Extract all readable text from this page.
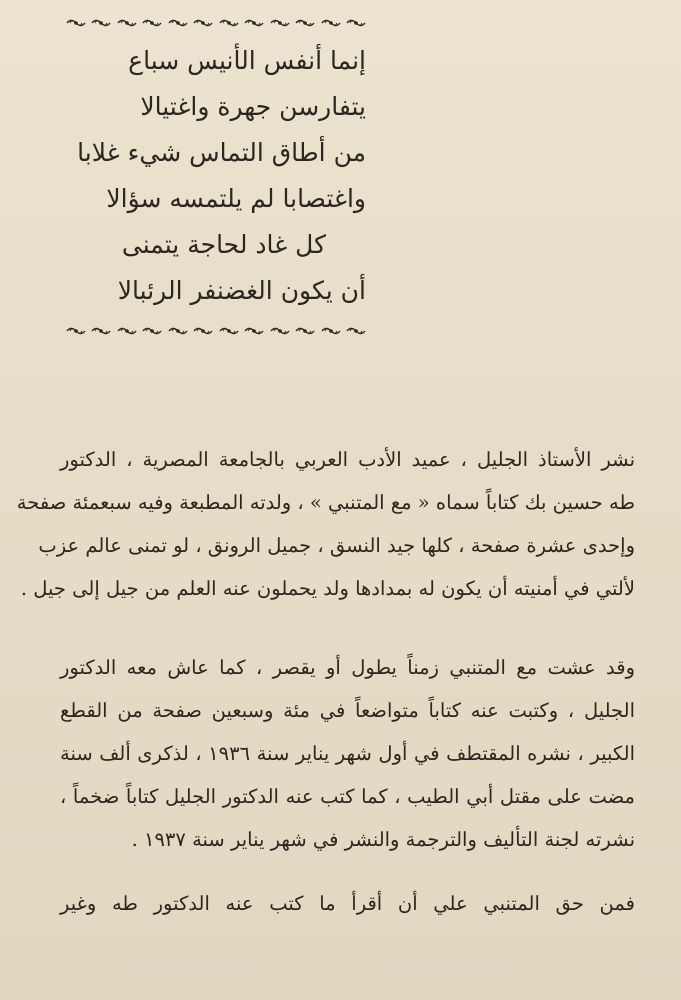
إنما أنفس الأنيس سباع
يتفارسن جهرة واغتيالا
من أطاق التماس شيء غلابا
واغتصابا لم يلتمسه سؤالا
كل غاد لحاجة يتمنى
أن يكون الغضنفر الرئبالا
نشر الأستاذ الجليل ، عميد الأدب العربي بالجامعة المصرية ، الدكتور
طه حسين بك كتاباً سماه « مع المتنبي » ، ولدته المطبعة وفيه سبعمئة صفحة
وإحدى عشرة صفحة ، كلها جيد النسق ، جميل الرونق ، لو تمنى عالم عزب
لألتي في أمنيته أن يكون له بمدادها ولد يحملون عنه العلم من جيل إلى جيل .
وقد عشت مع المتنبي زمناً يطول أو يقصر ، كما عاش معه الدكتور
الجليل ، وكتبت عنه كتاباً متواضعاً في مئة وسبعين صفحة من القطع
الكبير ، نشره المقتطف في أول شهر يناير سنة ١٩٣٦ ، لذكرى ألف سنة
مضت على مقتل أبي الطيب ، كما كتب عنه الدكتور الجليل كتاباً ضخماً ،
نشرته لجنة التأليف والترجمة والنشر في شهر يناير سنة ١٩٣٧ .
فمن حق المتنبي علي أن أقرأ ما كتب عنه الدكتور طه وغير
